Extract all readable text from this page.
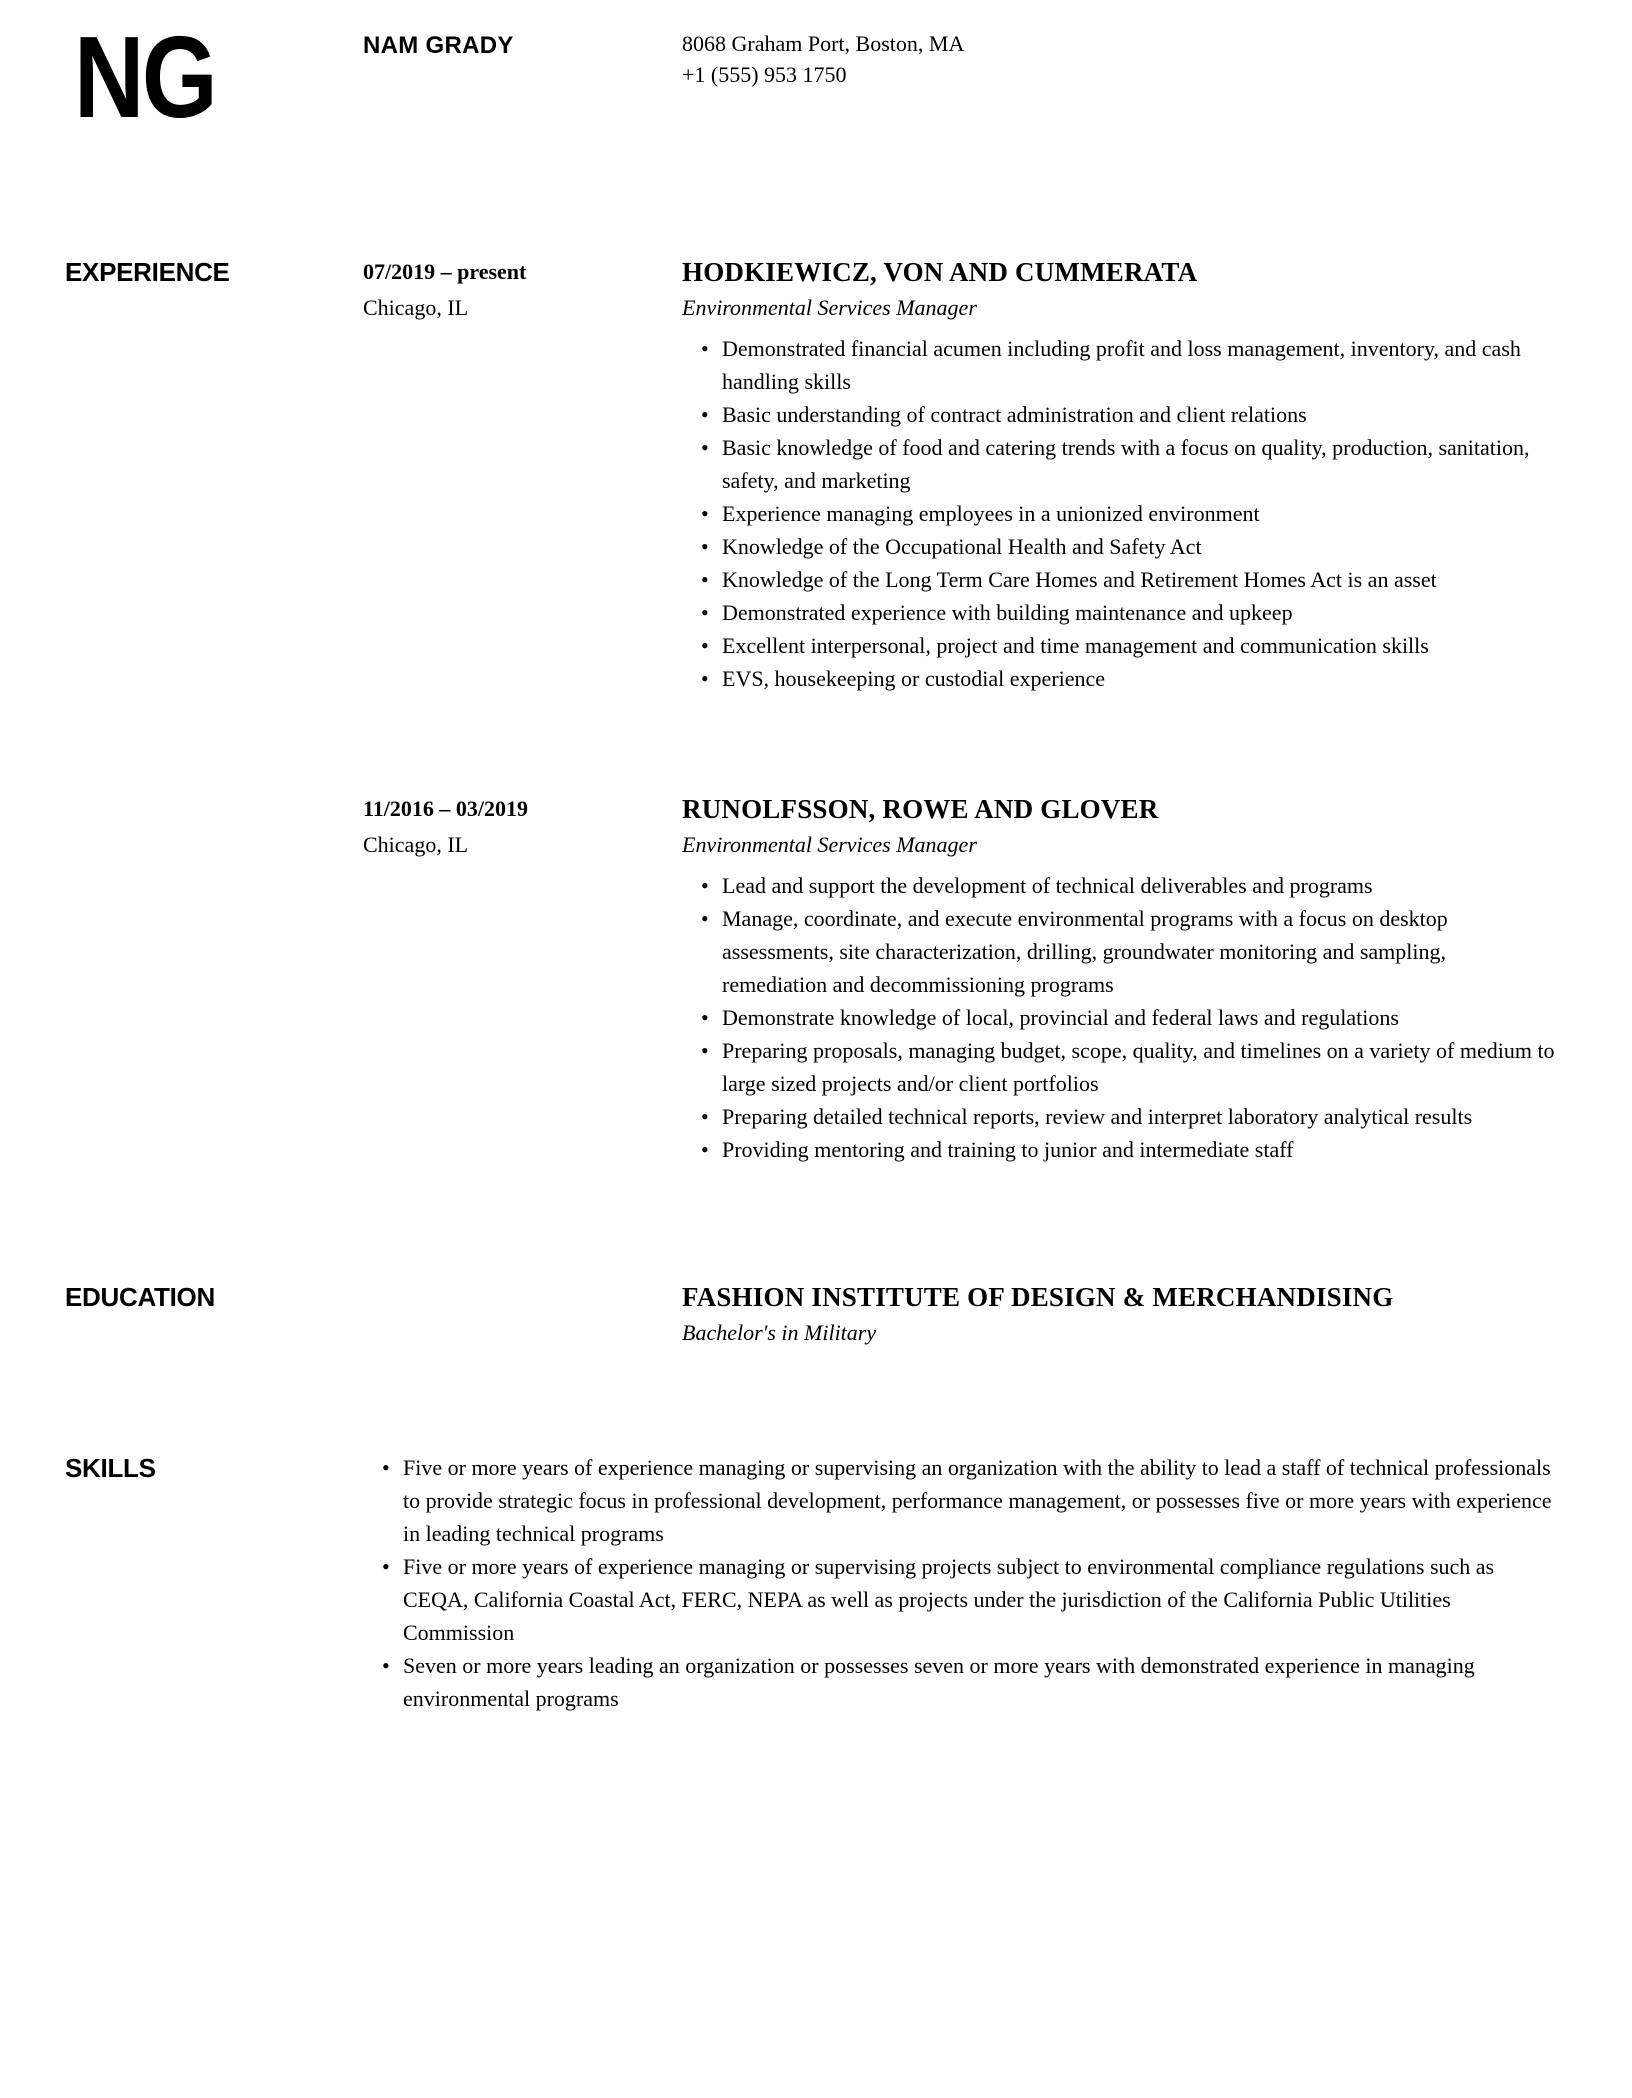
NG	NAM GRADY	8068 Graham Port, Boston, MA
+1 (555) 953 1750
EXPERIENCE	07/2019 – present
Chicago, IL
HODKIEWICZ, VON AND CUMMERATA
Environmental Services Manager
• Demonstrated financial acumen including profit and loss management, inventory, and cash handling skills
• Basic understanding of contract administration and client relations
• Basic knowledge of food and catering trends with a focus on quality, production, sanitation, safety, and marketing
• Experience managing employees in a unionized environment
• Knowledge of the Occupational Health and Safety Act
• Knowledge of the Long Term Care Homes and Retirement Homes Act is an asset
• Demonstrated experience with building maintenance and upkeep
• Excellent interpersonal, project and time management and communication skills
• EVS, housekeeping or custodial experience
11/2016 – 03/2019
Chicago, IL
RUNOLFSSON, ROWE AND GLOVER
Environmental Services Manager
• Lead and support the development of technical deliverables and programs
• Manage, coordinate, and execute environmental programs with a focus on desktop assessments, site characterization, drilling, groundwater monitoring and sampling, remediation and decommissioning programs
• Demonstrate knowledge of local, provincial and federal laws and regulations
• Preparing proposals, managing budget, scope, quality, and timelines on a variety of medium to large sized projects and/or client portfolios
• Preparing detailed technical reports, review and interpret laboratory analytical results
• Providing mentoring and training to junior and intermediate staff
EDUCATION	FASHION INSTITUTE OF DESIGN & MERCHANDISING
Bachelor's in Military
SKILLS	• Five or more years of experience managing or supervising an organization with the ability to lead a staff of technical professionals to provide strategic focus in professional development, performance management, or possesses five or more years with experience in leading technical programs
• Five or more years of experience managing or supervising projects subject to environmental compliance regulations such as CEQA, California Coastal Act, FERC, NEPA as well as projects under the jurisdiction of the California Public Utilities Commission
• Seven or more years leading an organization or possesses seven or more years with demonstrated experience in managing environmental programs
